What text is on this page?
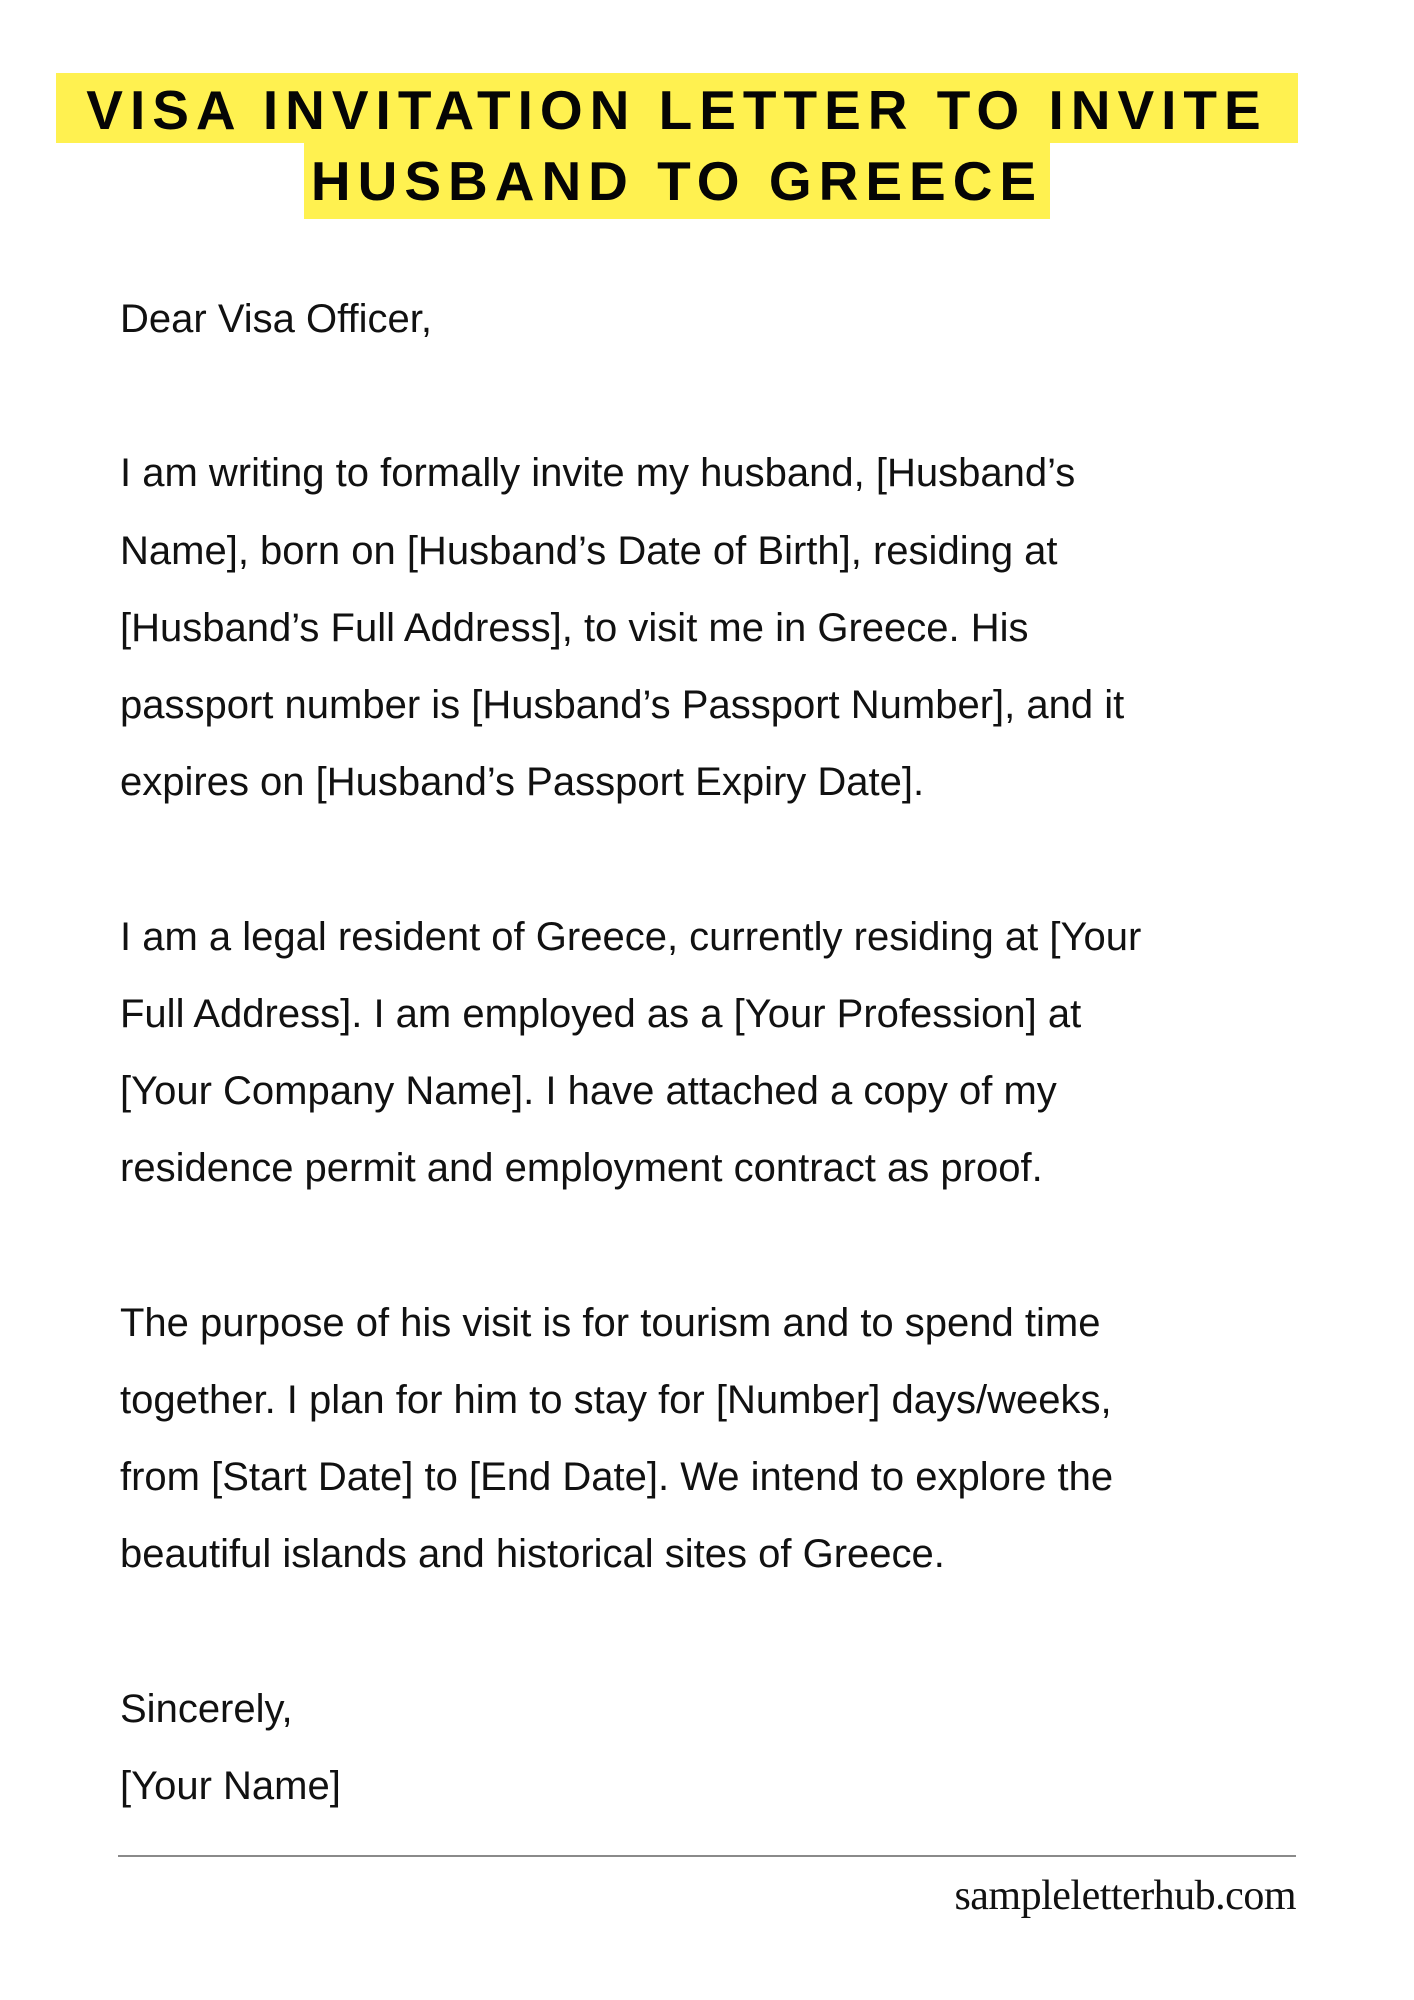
VISA INVITATION LETTER TO INVITE
HUSBAND TO GREECE

Dear Visa Officer,

I am writing to formally invite my husband, [Husband’s
Name], born on [Husband’s Date of Birth], residing at
[Husband’s Full Address], to visit me in Greece. His
passport number is [Husband’s Passport Number], and it
expires on [Husband’s Passport Expiry Date].

I am a legal resident of Greece, currently residing at [Your
Full Address]. I am employed as a [Your Profession] at
[Your Company Name]. I have attached a copy of my
residence permit and employment contract as proof.

The purpose of his visit is for tourism and to spend time
together. I plan for him to stay for [Number] days/weeks,
from [Start Date] to [End Date]. We intend to explore the
beautiful islands and historical sites of Greece.

Sincerely,

[Your Name]

sampleletterhub.com
